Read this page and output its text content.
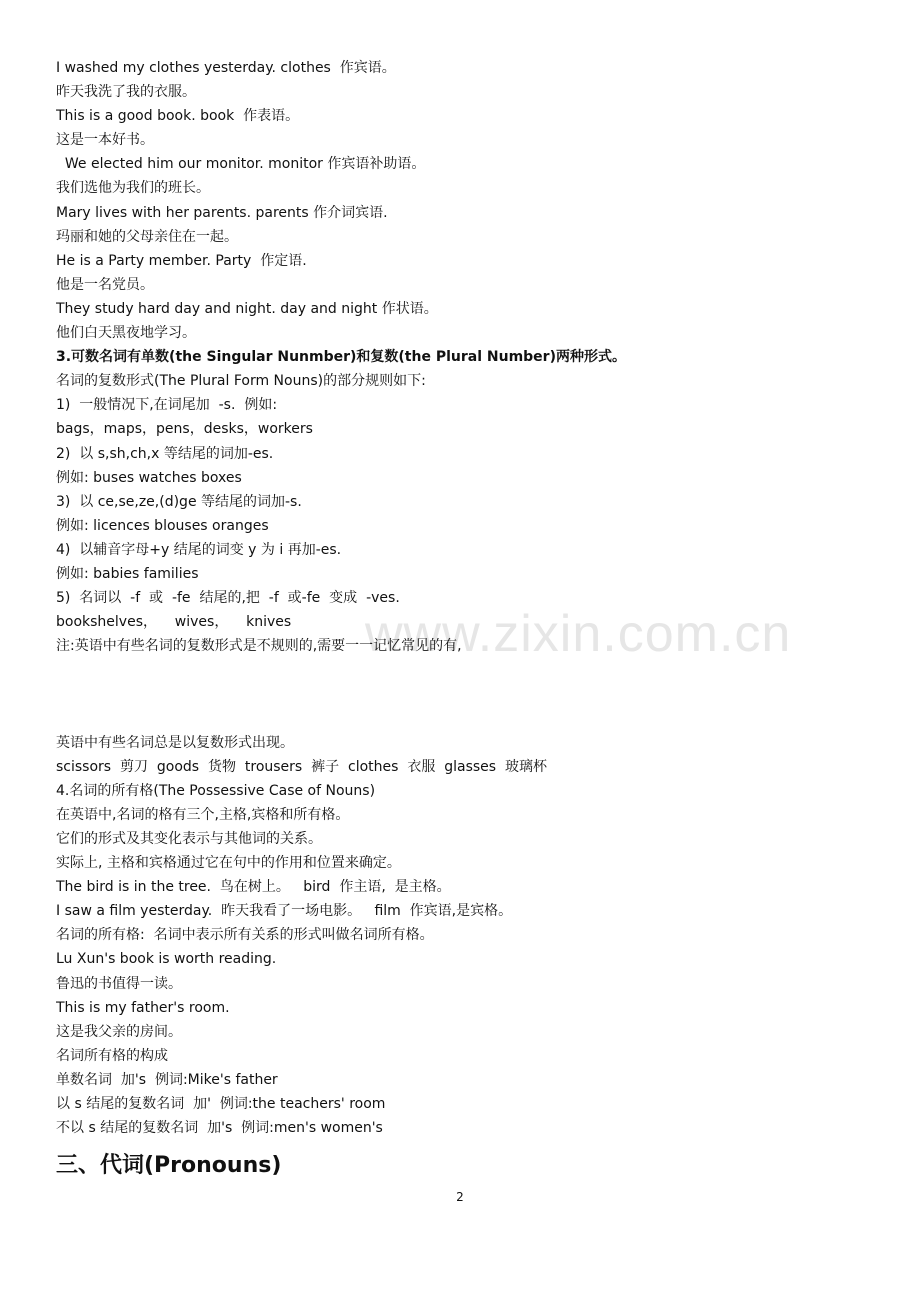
www.zixin.com.cn
I washed my clothes yesterday. clothes  作宾语。
昨天我洗了我的衣服。
This is a good book. book  作表语。
这是一本好书。
We elected him our monitor. monitor 作宾语补助语。
我们选他为我们的班长。
Mary lives with her parents. parents 作介词宾语.
玛丽和她的父母亲住在一起。
He is a Party member. Party  作定语.
他是一名党员。
They study hard day and night. day and night 作状语。
他们白天黑夜地学习。
3.可数名词有单数(the Singular Nunmber)和复数(the Plural Number)两种形式。
名词的复数形式(The Plural Form Nouns)的部分规则如下:
1)  一般情况下,在词尾加  -s.  例如:
bags，maps，pens，desks，workers
2)  以 s,sh,ch,x 等结尾的词加-es.
例如: buses watches boxes
3)  以 ce,se,ze,(d)ge 等结尾的词加-s.
例如: licences blouses oranges
4)  以辅音字母+y 结尾的词变 y 为 i 再加-es.
例如: babies families
5)  名词以  -f  或  -fe  结尾的,把  -f  或-fe  变成  -ves.
bookshelves，    wives，    knives
注:英语中有些名词的复数形式是不规则的,需要一一记忆常见的有,

英语中有些名词总是以复数形式出现。
scissors  剪刀  goods  货物  trousers  裤子  clothes  衣服  glasses  玻璃杯
4.名词的所有格(The Possessive Case of Nouns)
在英语中,名词的格有三个,主格,宾格和所有格。
它们的形式及其变化表示与其他词的关系。
实际上, 主格和宾格通过它在句中的作用和位置来确定。
The bird is in the tree.  鸟在树上。   bird  作主语,  是主格。
I saw a film yesterday.  昨天我看了一场电影。   film  作宾语,是宾格。
名词的所有格:  名词中表示所有关系的形式叫做名词所有格。
Lu Xun's book is worth reading.
鲁迅的书值得一读。
This is my father's room.
这是我父亲的房间。
名词所有格的构成
单数名词  加's  例词:Mike's father
以 s 结尾的复数名词  加'  例词:the teachers' room
不以 s 结尾的复数名词  加's  例词:men's women's
三、代词(Pronouns)
2
